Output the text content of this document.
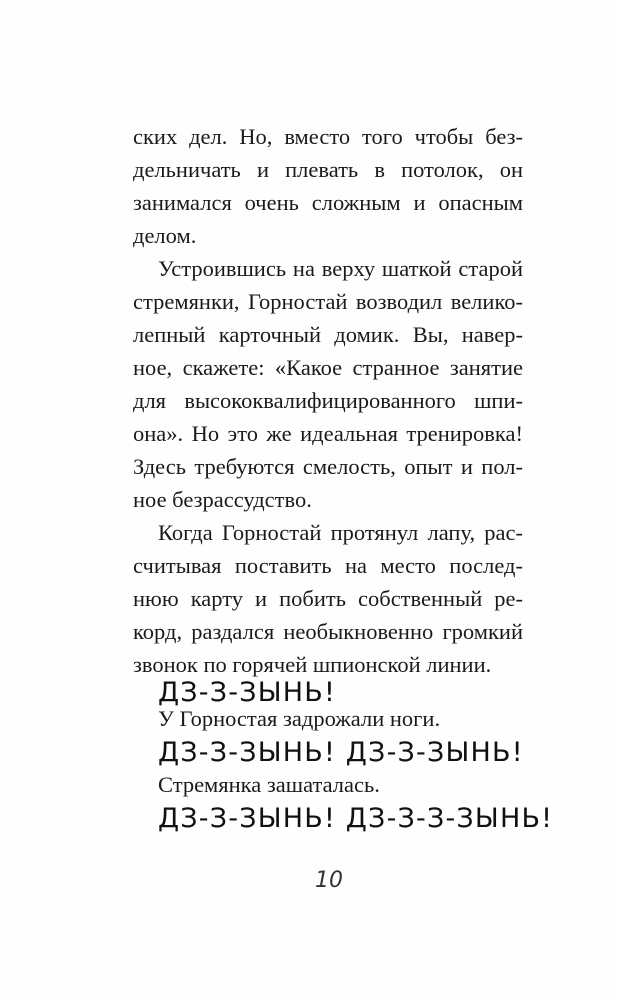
ских дел. Но, вместо того чтобы без-
дельничать и плевать в потолок, он
занимался очень сложным и опасным
делом.
Устроившись на верху шаткой старой
стремянки, Горностай возводил велико-
лепный карточный домик. Вы, навер-
ное, скажете: «Какое странное занятие
для высококвалифицированного шпи-
она». Но это же идеальная тренировка!
Здесь требуются смелость, опыт и пол-
ное безрассудство.
Когда Горностай протянул лапу, рас-
считывая поставить на место послед-
нюю карту и побить собственный ре-
корд, раздался необыкновенно громкий
звонок по горячей шпионской линии.
ДЗ-З-ЗЫНЬ!
У Горностая задрожали ноги.
ДЗ-З-ЗЫНЬ! ДЗ-З-ЗЫНЬ!
Стремянка зашаталась.
ДЗ-З-ЗЫНЬ! ДЗ-З-З-ЗЫНЬ!
10
